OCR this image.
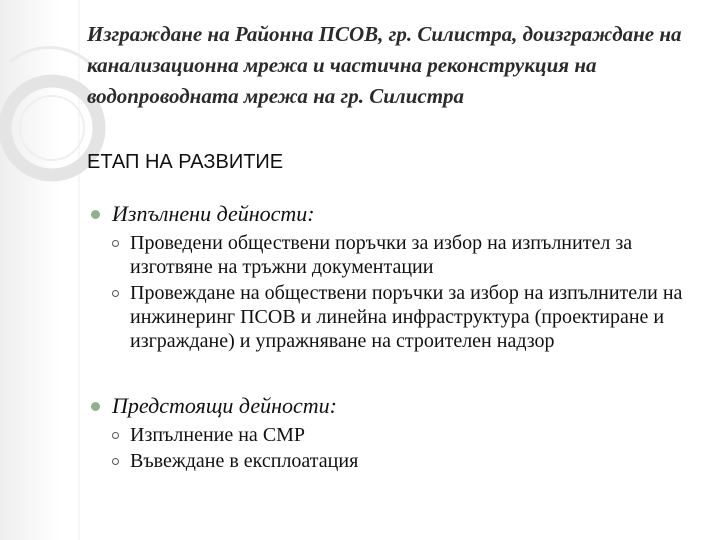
Изграждане на Районна ПСОВ, гр. Силистра, доизграждане на канализационна мрежа и частична реконструкция на водопроводната мрежа на гр. Силистра
ЕТАП НА РАЗВИТИЕ
Изпълнени дейности:
Проведени обществени поръчки за избор на изпълнител за изготвяне на тръжни документации
Провеждане на обществени поръчки за избор на изпълнители на инжинеринг ПСОВ и линейна инфраструктура (проектиране и изграждане) и упражняване на строителен надзор
Предстоящи дейности:
Изпълнение на СМР
Въвеждане в експлоатация
